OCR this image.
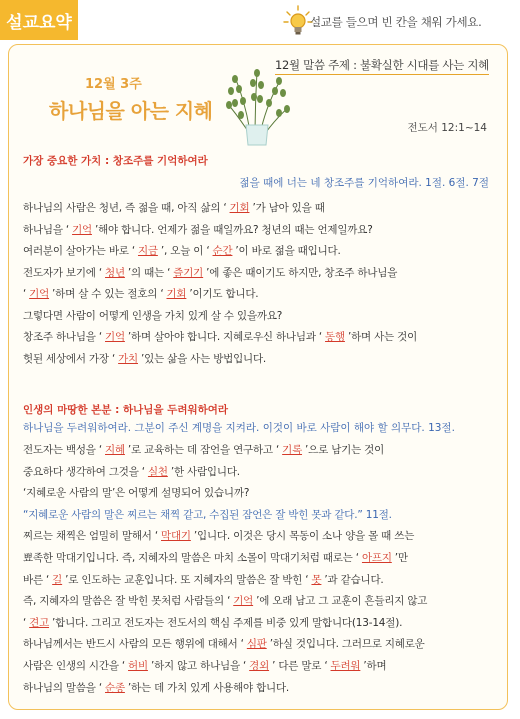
설교요약	설교를 들으며 빈 칸을 채워 가세요.
12월 말씀 주제 : 불확실한 시대를 사는 지혜
12월 3주
하나님을 아는 지혜
전도서 12:1~14
가장 중요한 가치 : 창조주를 기억하여라
젊을 때에 너는 네 창조주를 기억하여라. 1절. 6절. 7절
하나님의 사람은 청년, 즉 젊을 때, 아직 삶의 ‘ 기회 ’가 남아 있을 때
하나님을 ‘ 기억 ’해야 합니다. 언제가 젊을 때일까요? 청년의 때는 언제일까요?
여러분이 살아가는 바로 ‘ 지금 ’, 오늘 이 ‘ 순간 ’이 바로 젊을 때입니다.
전도자가 보기에 ‘ 청년 ’의 때는 ‘ 즐기기 ’에 좋은 때이기도 하지만, 창조주 하나님을
‘ 기억 ’하며 살 수 있는 절호의 ‘ 기회 ’이기도 합니다.
그렇다면 사람이 어떻게 인생을 가치 있게 살 수 있을까요?
창조주 하나님을 ‘ 기억 ’하며 살아야 합니다. 지혜로우신 하나님과 ‘ 동행 ’하며 사는 것이
헛된 세상에서 가장 ‘ 가치 ’있는 삶을 사는 방법입니다.
인생의 마땅한 본분 : 하나님을 두려워하여라
하나님을 두려워하여라. 그분이 주신 계명을 지켜라. 이것이 바로 사람이 해야 할 의무다. 13절.
전도자는 백성을 ‘ 지혜 ’로 교육하는 데 잠언을 연구하고 ‘ 기록 ’으로 남기는 것이
중요하다 생각하여 그것을 ‘ 실천 ’한 사람입니다.
‘지혜로운 사람의 말’은 어떻게 설명되어 있습니까?
“지혜로운 사람의 말은 찌르는 채찍 같고, 수집된 잠언은 잘 박힌 못과 같다.” 11절.
찌르는 채찍은 엄밀히 말해서 ‘ 막대기 ’입니다. 이것은 당시 목동이 소나 양을 몰 때 쓰는
뾰족한 막대기입니다. 즉, 지혜자의 말씀은 마치 소몰이 막대기처럼 때로는 ‘ 아프지 ’만
바른 ‘ 길 ’로 인도하는 교훈입니다. 또 지혜자의 말씀은 잘 박힌 ‘ 못 ’과 같습니다.
즉, 지혜자의 말씀은 잘 박힌 못처럼 사람들의 ‘ 기억 ’에 오래 남고 그 교훈이 흔들리지 않고
‘ 견고 ’합니다. 그리고 전도자는 전도서의 핵심 주제를 비중 있게 말합니다(13-14절).
하나님께서는 반드시 사람의 모든 행위에 대해서 ‘ 심판 ’하실 것입니다. 그러므로 지혜로운
사람은 인생의 시간을 ‘ 허비 ’하지 않고 하나님을 ‘ 경외 ’ 다른 말로 ‘ 두려워 ’하며
하나님의 말씀을 ‘ 순종 ’하는 데 가치 있게 사용해야 합니다.
